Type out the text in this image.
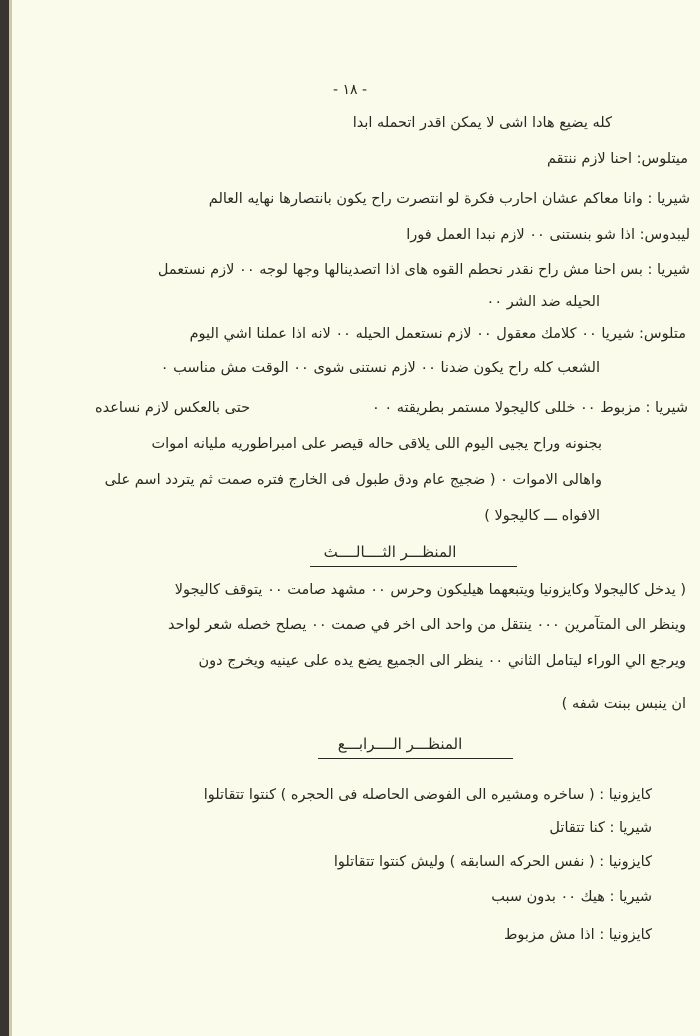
- ١٨ -
كله يضيع هادا اشى لا يمكن اقدر اتحمله ابدا
ميتلوس: احنا لازم ننتقم
شيريا : وانا معاكم عشان احارب فكرة لو انتصرت راح يكون بانتصارها نهايه العالم
ليبدوس: اذا شو بنستنى ٠٠ لازم نبدا العمل فورا
شيريا : بس احنا مش راح نقدر نحطم القوه هاى اذا اتصدينالها وجها لوجه ٠٠ لازم نستعمل
الحيله ضد الشر ٠٠
متلوس: شيريا ٠٠ كلامك معقول ٠٠ لازم نستعمل الحيله ٠٠ لانه اذا عملنا اشي اليوم
الشعب كله راح يكون ضدنا ٠٠ لازم نستنى شوى ٠٠ الوقت مش مناسب ٠
شيريا : مزبوط ٠٠ خللى كاليجولا مستمر بطريقته ٠ ٠
حتى بالعكس لازم نساعده
بجنونه وراح يجيى اليوم اللى يلاقى حاله قيصر على امبراطوريه مليانه اموات
واهالى الاموات ٠ ( ضجيج عام ودق طبول فى الخارج فتره صمت ثم يتردد اسم على
الافواه ـــ كاليجولا )
المنظـــر الثــــالــــث
( يدخل كاليجولا وكايزونيا ويتبعهما هيليكون وحرس ٠٠ مشهد صامت ٠٠ يتوقف كاليجولا
وينظر الى المتآمرين ٠٠٠ ينتقل من واحد الى اخر في صمت ٠٠ يصلح خصله شعر لواحد
ويرجع الي الوراء ليتامل الثاني ٠٠ ينظر الى الجميع يضع يده على عينيه ويخرج دون
ان ينبس ببنت شفه )
المنظـــر الــــرابـــع
كايزونيا : ( ساخره ومشيره الى الفوضى الحاصله فى الحجره ) كنتوا تتقاتلوا
شيريا : كنا تتقاتل
كايزونيا : ( نفس الحركه السابقه ) وليش كنتوا تتقاتلوا
شيريا : هيك ٠٠ بدون سبب
كايزونيا : اذا مش مزبوط
